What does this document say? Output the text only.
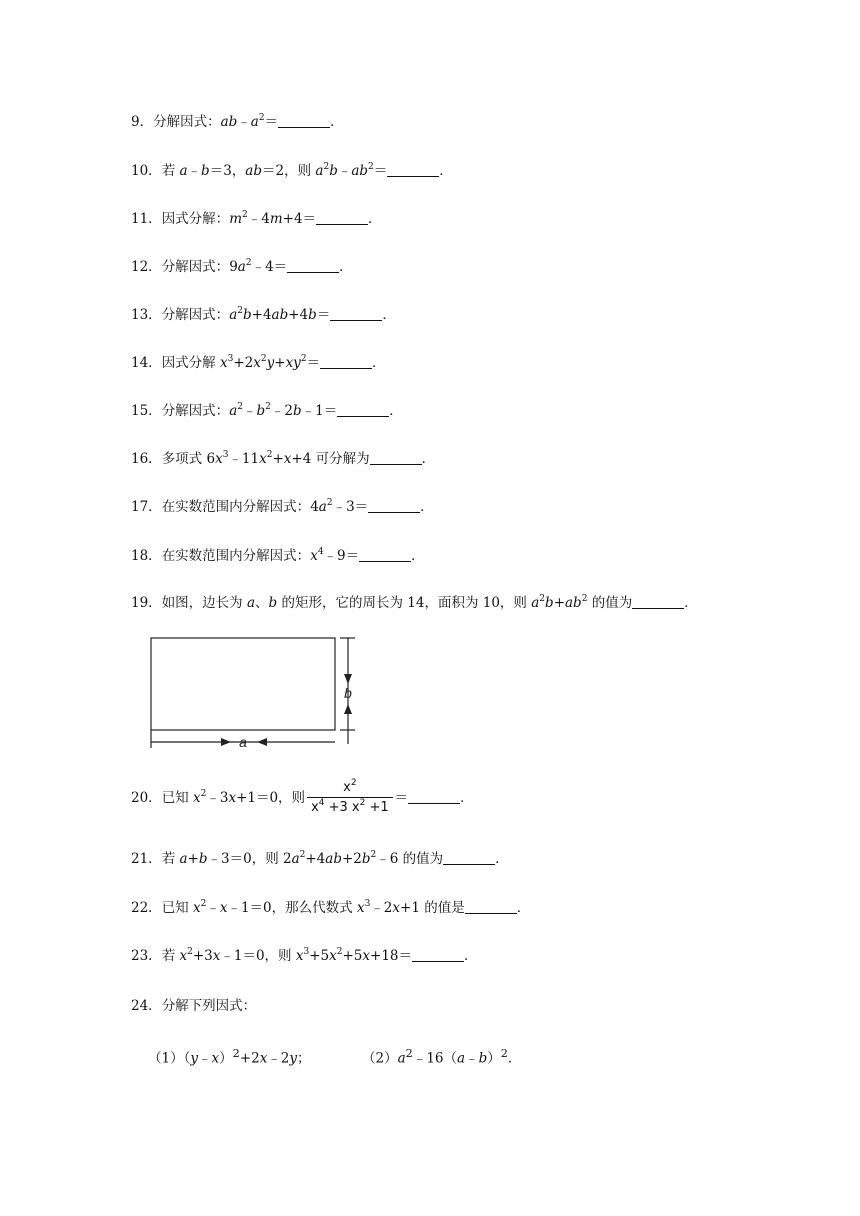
9．分解因式：$ab﹣a^2=$	．
10．若 a﹣b＝3，ab＝2，则 $a^2b﹣ab^2=$	．
11．因式分解：$m^2﹣4m+4=$	．
12．分解因式：$9a^2﹣4=$	．
13．分解因式：$a^2b+4ab+4b=$	．
14．因式分解 $x^3+2x^2y+xy^2=$	．
15．分解因式：$a^2﹣b^2﹣2b﹣1=$	．
16．多项式 $6x^3﹣11x^2+x+4$ 可分解为	．
17．在实数范围内分解因式：$4a^2﹣3=$	．
18．在实数范围内分解因式：$x^4﹣9=$	．
19．如图，边长为 a、b 的矩形，它的周长为 14，面积为 10，则 $a^2b+ab^2$ 的值为	．
b
a
20．已知 $x^2﹣3x+1=0$，则 $\frac{x^2}{x^4 +3 x^2 +1}$ ＝	．
21．若 a+b﹣3＝0，则 $2a^2+4ab+2b^2﹣6$ 的值为	．
22．已知 $x^2﹣x﹣1=0$，那么代数式 $x^3﹣2x+1$ 的值是	．
23．若 $x^2+3x﹣1=0$，则 $x^3+5x^2+5x+18=$	．
24．分解下列因式：
（1）（y﹣x）$^2$+2x﹣2y；	$(2)a^2﹣16(a﹣b)^2$．
